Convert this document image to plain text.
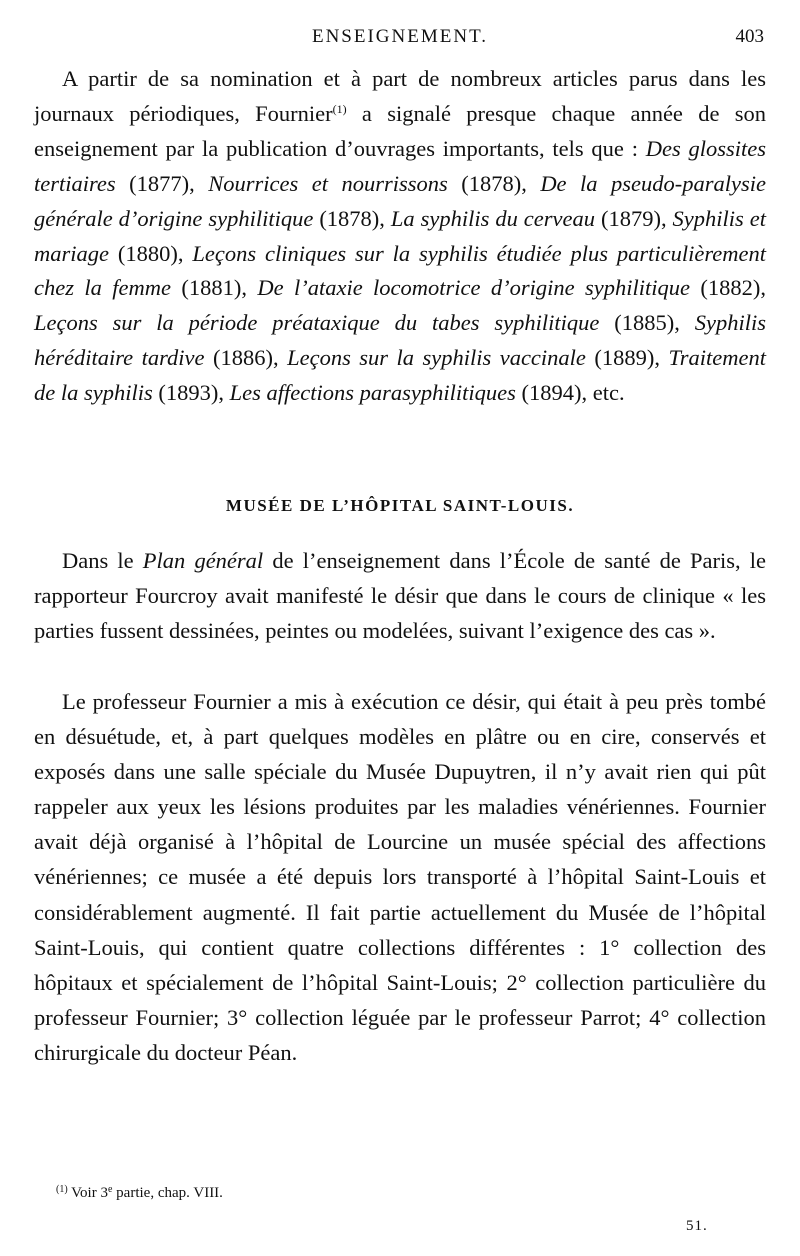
ENSEIGNEMENT.	403

A partir de sa nomination et à part de nombreux articles parus dans les journaux périodiques, Fournier$^{(1)}$ a signalé presque chaque année de son enseignement par la publication d’ouvrages importants, tels que : Des glossites tertiaires (1877), Nourrices et nourrissons (1878), De la pseudo-paralysie générale d’origine syphilitique (1878), La syphilis du cerveau (1879), Syphilis et mariage (1880), Leçons cliniques sur la syphilis étudiée plus particulièrement chez la femme (1881), De l’ataxie locomotrice d’origine syphilitique (1882), Leçons sur la période préataxique du tabes syphilitique (1885), Syphilis héréditaire tardive (1886), Leçons sur la syphilis vaccinale (1889), Traitement de la syphilis (1893), Les affections parasyphilitiques (1894), etc.

MUSÉE DE L’HÔPITAL SAINT-LOUIS.

Dans le Plan général de l’enseignement dans l’École de santé de Paris, le rapporteur Fourcroy avait manifesté le désir que dans le cours de clinique « les parties fussent dessinées, peintes ou modelées, suivant l’exigence des cas ».

Le professeur Fournier a mis à exécution ce désir, qui était à peu près tombé en désuétude, et, à part quelques modèles en plâtre ou en cire, conservés et exposés dans une salle spéciale du Musée Dupuytren, il n’y avait rien qui pût rappeler aux yeux les lésions produites par les maladies vénériennes. Fournier avait déjà organisé à l’hôpital de Lourcine un musée spécial des affections vénériennes; ce musée a été depuis lors transporté à l’hôpital Saint-Louis et considérablement augmenté. Il fait partie actuellement du Musée de l’hôpital Saint-Louis, qui contient quatre collections différentes : 1° collection des hôpitaux et spécialement de l’hôpital Saint-Louis; 2° collection particulière du professeur Fournier; 3° collection léguée par le professeur Parrot; 4° collection chirurgicale du docteur Péan.

$^{(1)}$ Voir 3e partie, chap. VIII.

51.
